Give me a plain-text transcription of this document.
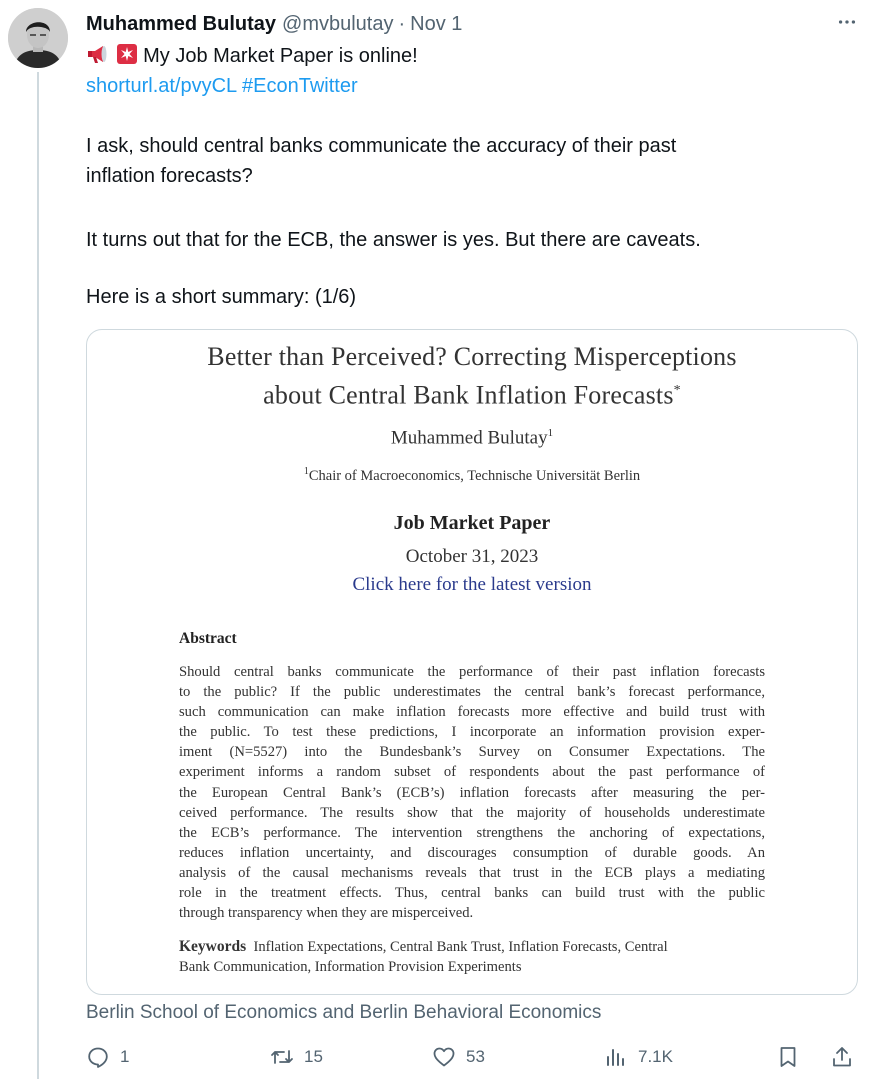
Muhammed Bulutay @mvbulutay · Nov 1
My Job Market Paper is online!
shorturl.at/pvyCL #EconTwitter
I ask, should central banks communicate the accuracy of their past
inflation forecasts?
It turns out that for the ECB, the answer is yes. But there are caveats.
Here is a short summary: (1/6)
Better than Perceived? Correcting Misperceptions
about Central Bank Inflation Forecasts*
Muhammed Bulutay$^1$
$^1$Chair of Macroeconomics, Technische Universität Berlin
Job Market Paper
October 31, 2023
Click here for the latest version
Abstract
Should central banks communicate the performance of their past inflation forecasts
to the public? If the public underestimates the central bank’s forecast performance,
such communication can make inflation forecasts more effective and build trust with
the public. To test these predictions, I incorporate an information provision exper-
iment (N=5527) into the Bundesbank’s Survey on Consumer Expectations. The
experiment informs a random subset of respondents about the past performance of
the European Central Bank’s (ECB’s) inflation forecasts after measuring the per-
ceived performance. The results show that the majority of households underestimate
the ECB’s performance. The intervention strengthens the anchoring of expectations,
reduces inflation uncertainty, and discourages consumption of durable goods. An
analysis of the causal mechanisms reveals that trust in the ECB plays a mediating
role in the treatment effects. Thus, central banks can build trust with the public
through transparency when they are misperceived.
Keywords Inflation Expectations, Central Bank Trust, Inflation Forecasts, Central
Bank Communication, Information Provision Experiments
Berlin School of Economics and Berlin Behavioral Economics
1	15	53	7.1K
